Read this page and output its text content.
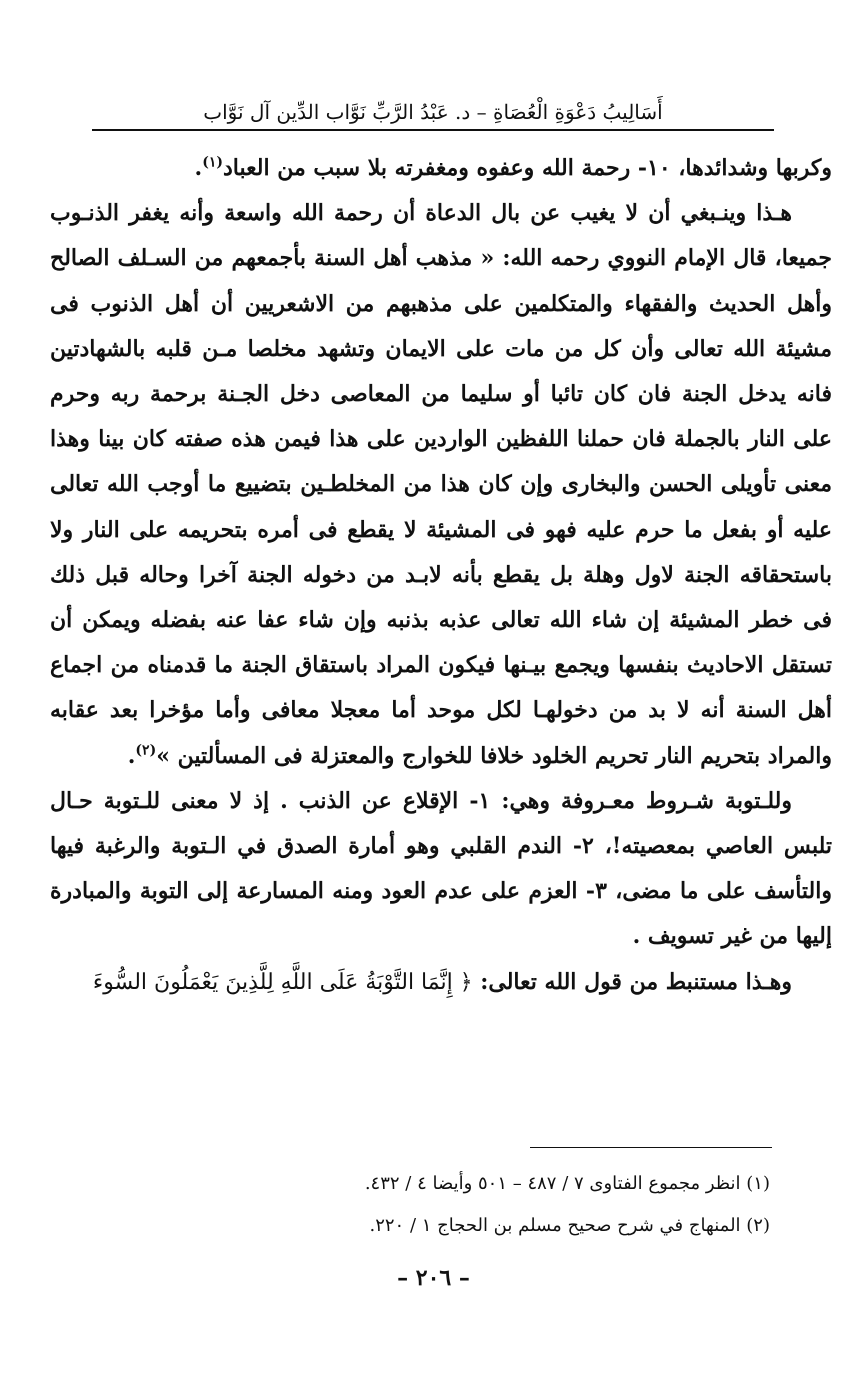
أَسَالِيبُ دَعْوَةِ الْعُصَاةِ – د. عَبْدُ الرَّبِّ نَوَّاب الدِّين آل نَوَّاب

وكربها وشدائدها، ١٠- رحمة الله وعفوه ومغفرته بلا سبب من العباد$^{(١)}$.

هـذا وينـبغي أن لا يغيب عن بال الدعاة أن رحمة الله واسعة وأنه يغفر الذنـوب جميعا، قال الإمام النووي رحمه الله: « مذهب أهل السنة بأجمعهم من السـلف الصالح وأهل الحديث والفقهاء والمتكلمين على مذهبهم من الاشعريين أن أهل الذنوب فى مشيئة الله تعالى وأن كل من مات على الايمان وتشهد مخلصا مـن قلبه بالشهادتين فانه يدخل الجنة فان كان تائبا أو سليما من المعاصى دخل الجـنة برحمة ربه وحرم على النار بالجملة فان حملنا اللفظين الواردين على هذا فيمن هذه صفته كان بينا وهذا معنى تأويلى الحسن والبخارى وإن كان هذا من المخلطـين بتضييع ما أوجب الله تعالى عليه أو بفعل ما حرم عليه فهو فى المشيئة لا يقطع فى أمره بتحريمه على النار ولا باستحقاقه الجنة لاول وهلة بل يقطع بأنه لابـد من دخوله الجنة آخرا وحاله قبل ذلك فى خطر المشيئة إن شاء الله تعالى عذبه بذنبه وإن شاء عفا عنه بفضله ويمكن أن تستقل الاحاديث بنفسها ويجمع بيـنها فيكون المراد باستقاق الجنة ما قدمناه من اجماع أهل السنة أنه لا بد من دخولهـا لكل موحد أما معجلا معافى وأما مؤخرا بعد عقابه والمراد بتحريم النار تحريم الخلود خلافا للخوارج والمعتزلة فى المسألتين »$^{(٢)}$.

وللـتوبة شـروط معـروفة وهي: ١- الإقلاع عن الذنب . إذ لا معنى للـتوبة حـال تلبس العاصي بمعصيته!، ٢- الندم القلبي وهو أمارة الصدق في الـتوبة والرغبة فيها والتأسف على ما مضى، ٣- العزم على عدم العود ومنه المسارعة إلى التوبة والمبادرة إليها من غير تسويف .

وهـذا مستنبط من قول الله تعالى: ﴿ إِنَّمَا التَّوْبَةُ عَلَى اللَّهِ لِلَّذِينَ يَعْمَلُونَ السُّوءَ

(١) انظر مجموع الفتاوى ٧ / ٤٨٧ – ٥٠١ وأيضا ٤ / ٤٣٢.

(٢) المنهاج في شرح صحيح مسلم بن الحجاج ١ / ٢٢٠.

– ٢٠٦ –
